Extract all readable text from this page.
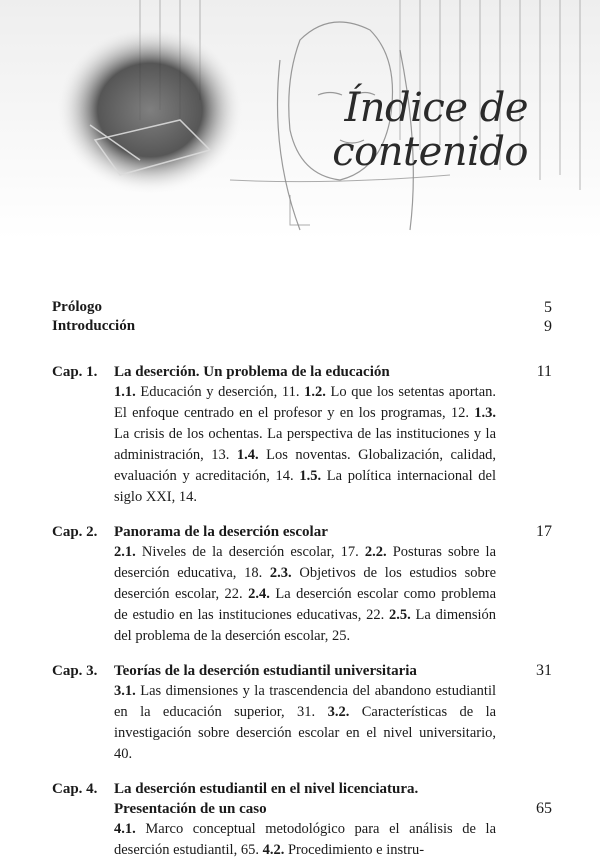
Índice de
contenido
Prólogo	5
Introducción	9
Cap. 1.	La deserción. Un problema de la educación	11
1.1. Educación y deserción, 11. 1.2. Lo que los setentas aportan. El enfoque centrado en el profesor y en los programas, 12. 1.3. La crisis de los ochentas. La perspectiva de las instituciones y la administración, 13. 1.4. Los noventas. Globalización, calidad, evaluación y acreditación, 14. 1.5. La política internacional del siglo XXI, 14.
Cap. 2.	Panorama de la deserción escolar	17
2.1. Niveles de la deserción escolar, 17. 2.2. Posturas sobre la deserción educativa, 18. 2.3. Objetivos de los estudios sobre deserción escolar, 22. 2.4. La deserción escolar como problema de estudio en las instituciones educativas, 22. 2.5. La dimensión del problema de la deserción escolar, 25.
Cap. 3.	Teorías de la deserción estudiantil universitaria	31
3.1. Las dimensiones y la trascendencia del abandono estudiantil en la educación superior, 31. 3.2. Características de la investigación sobre deserción escolar en el nivel universitario, 40.
Cap. 4.	La deserción estudiantil en el nivel licenciatura. Presentación de un caso	65
4.1. Marco conceptual metodológico para el análisis de la deserción estudiantil, 65. 4.2. Procedimiento e instru-
